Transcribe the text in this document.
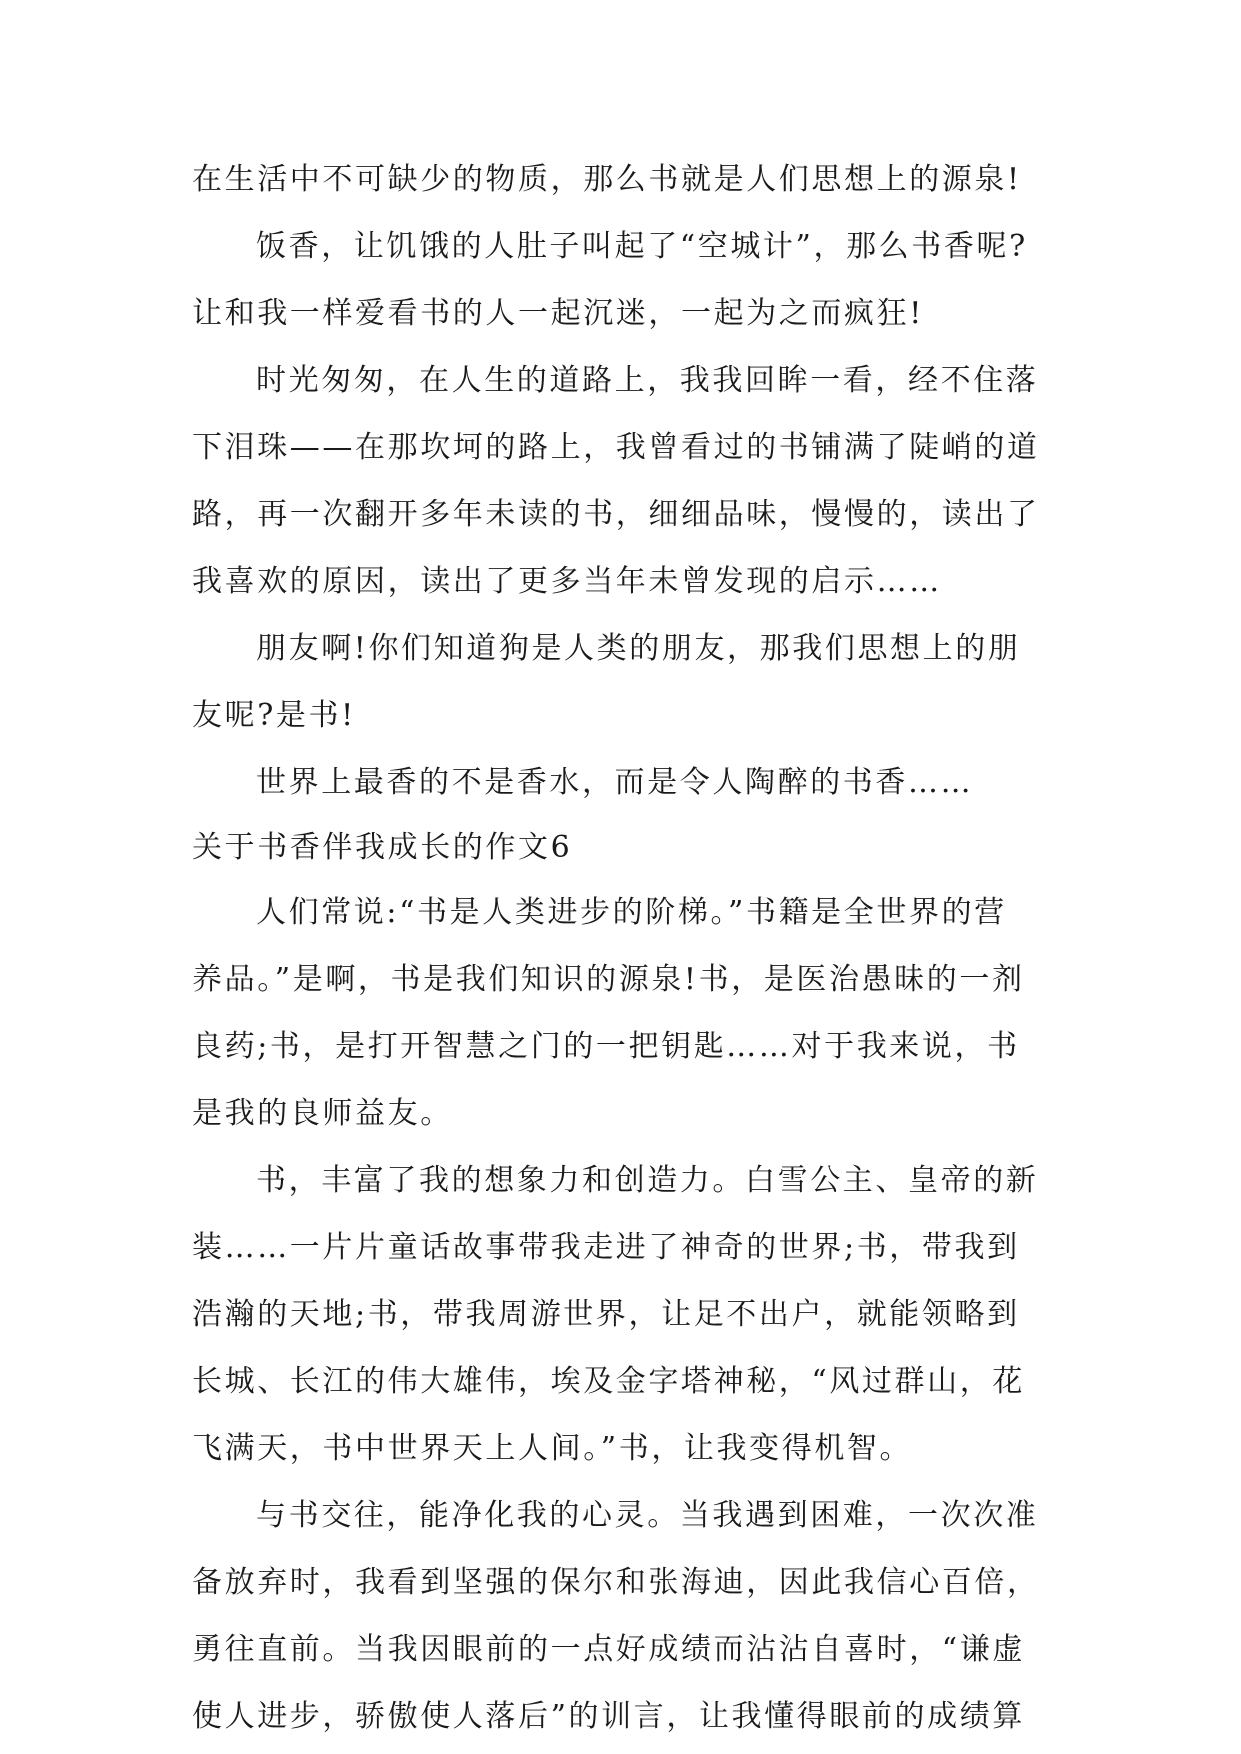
在生活中不可缺少的物质，那么书就是人们思想上的源泉!
饭香，让饥饿的人肚子叫起了“空城计”，那么书香呢?
让和我一样爱看书的人一起沉迷，一起为之而疯狂!
时光匆匆，在人生的道路上，我我回眸一看，经不住落
下泪珠——在那坎坷的路上，我曾看过的书铺满了陡峭的道
路，再一次翻开多年未读的书，细细品味，慢慢的，读出了
我喜欢的原因，读出了更多当年未曾发现的启示……
朋友啊!你们知道狗是人类的朋友，那我们思想上的朋
友呢?是书!
世界上最香的不是香水，而是令人陶醉的书香……
关于书香伴我成长的作文6
人们常说:“书是人类进步的阶梯。”书籍是全世界的营
养品。”是啊，书是我们知识的源泉!书，是医治愚昧的一剂
良药;书，是打开智慧之门的一把钥匙……对于我来说，书
是我的良师益友。
书，丰富了我的想象力和创造力。白雪公主、皇帝的新
装……一片片童话故事带我走进了神奇的世界;书，带我到
浩瀚的天地;书，带我周游世界，让足不出户，就能领略到
长城、长江的伟大雄伟，埃及金字塔神秘，“风过群山，花
飞满天，书中世界天上人间。”书，让我变得机智。
与书交往，能净化我的心灵。当我遇到困难，一次次准
备放弃时，我看到坚强的保尔和张海迪，因此我信心百倍，
勇往直前。当我因眼前的一点好成绩而沾沾自喜时，“谦虚
使人进步，骄傲使人落后”的训言，让我懂得眼前的成绩算
